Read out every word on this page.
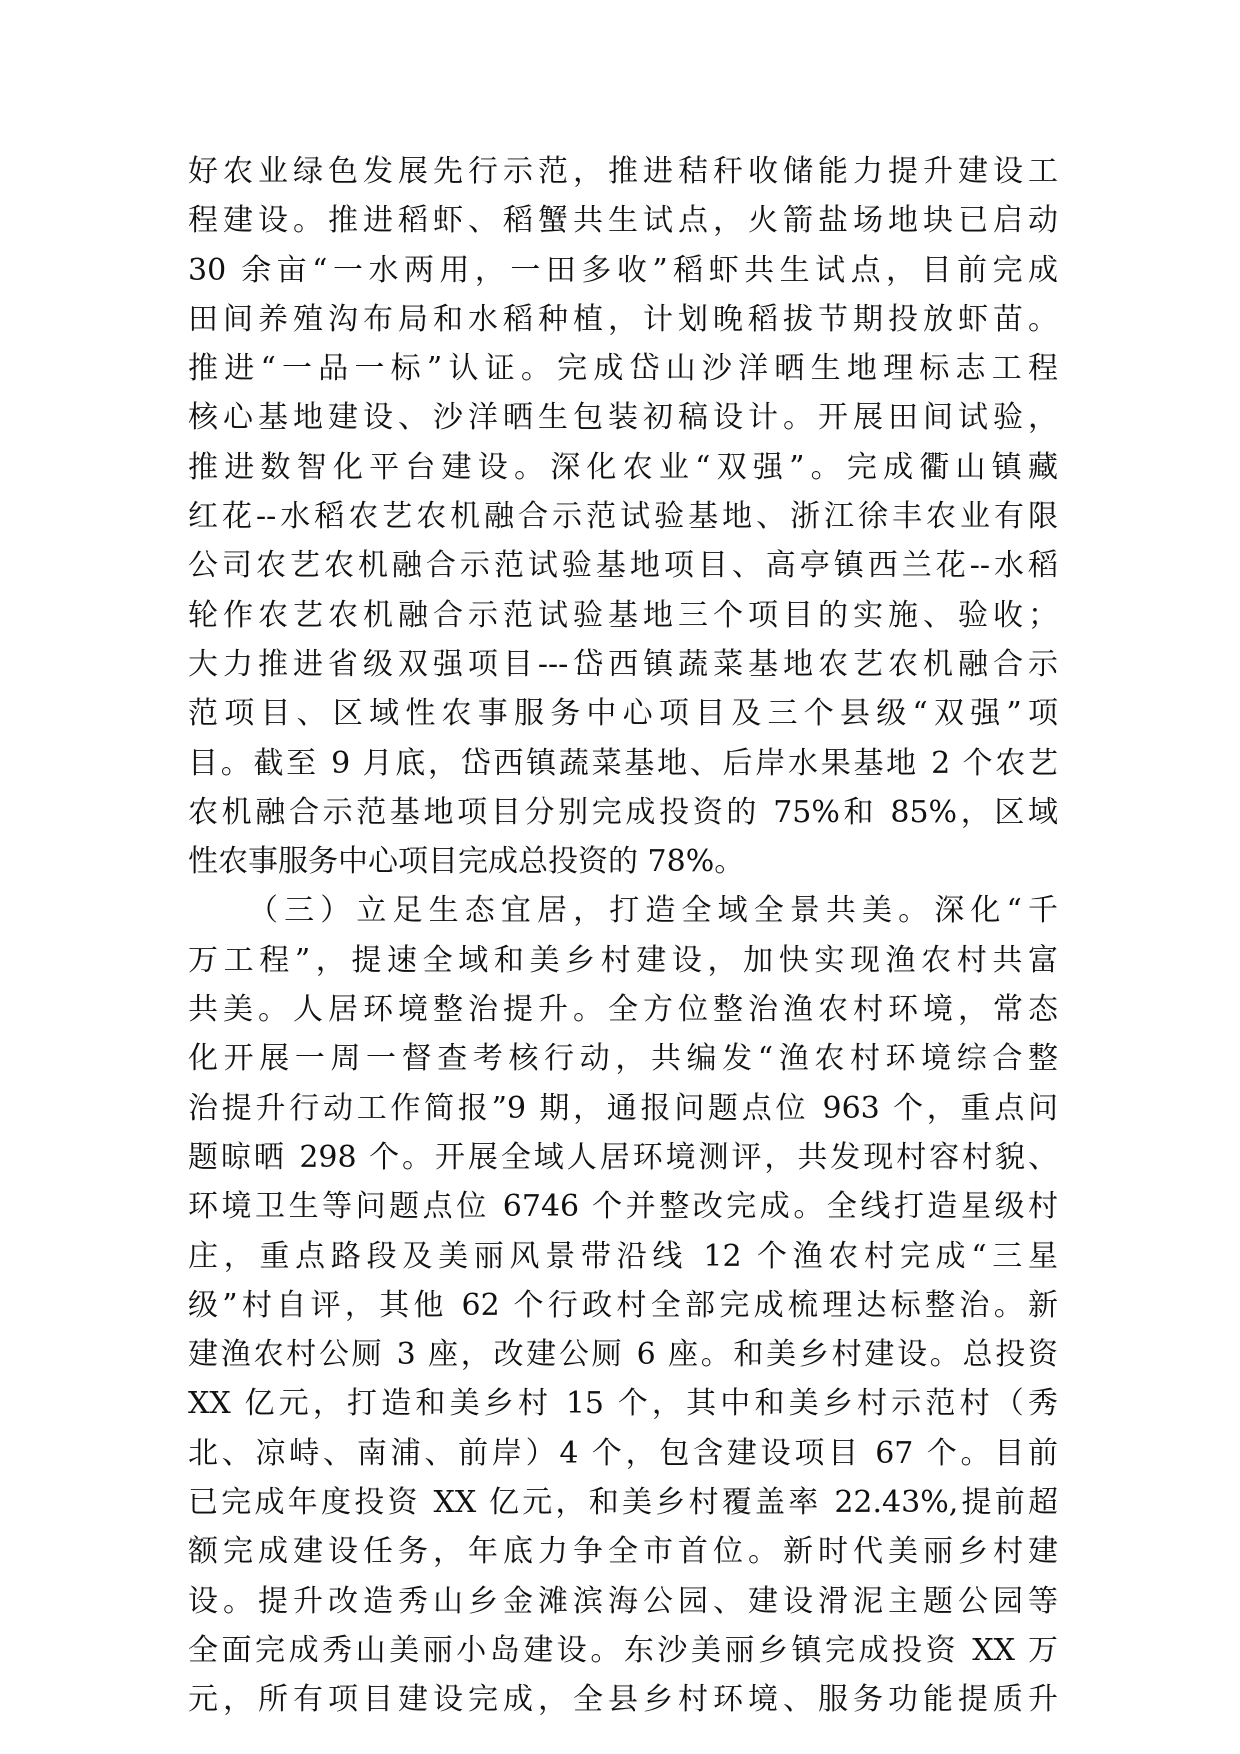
好农业绿色发展先行示范，推进秸秆收储能力提升建设工
程建设。推进稻虾、稻蟹共生试点，火箭盐场地块已启动
30 余亩“一水两用，一田多收”稻虾共生试点，目前完成
田间养殖沟布局和水稻种植，计划晚稻拔节期投放虾苗。
推进“一品一标”认证。完成岱山沙洋晒生地理标志工程
核心基地建设、沙洋晒生包装初稿设计。开展田间试验，
推进数智化平台建设。深化农业“双强”。完成衢山镇藏
红花--水稻农艺农机融合示范试验基地、浙江徐丰农业有限
公司农艺农机融合示范试验基地项目、高亭镇西兰花--水稻
轮作农艺农机融合示范试验基地三个项目的实施、验收；
大力推进省级双强项目---岱西镇蔬菜基地农艺农机融合示
范项目、区域性农事服务中心项目及三个县级“双强”项
目。截至 9 月底，岱西镇蔬菜基地、后岸水果基地 2 个农艺
农机融合示范基地项目分别完成投资的 75%和 85%，区域
性农事服务中心项目完成总投资的 78%。
（三）立足生态宜居，打造全域全景共美。深化“千
万工程”，提速全域和美乡村建设，加快实现渔农村共富
共美。人居环境整治提升。全方位整治渔农村环境，常态
化开展一周一督查考核行动，共编发“渔农村环境综合整
治提升行动工作简报”9 期，通报问题点位 963 个，重点问
题晾晒 298 个。开展全域人居环境测评，共发现村容村貌、
环境卫生等问题点位 6746 个并整改完成。全线打造星级村
庄，重点路段及美丽风景带沿线 12 个渔农村完成“三星
级”村自评，其他 62 个行政村全部完成梳理达标整治。新
建渔农村公厕 3 座，改建公厕 6 座。和美乡村建设。总投资
XX 亿元，打造和美乡村 15 个，其中和美乡村示范村（秀
北、凉峙、南浦、前岸）4 个，包含建设项目 67 个。目前
已完成年度投资 XX 亿元，和美乡村覆盖率 22.43%,提前超
额完成建设任务，年底力争全市首位。新时代美丽乡村建
设。提升改造秀山乡金滩滨海公园、建设滑泥主题公园等
全面完成秀山美丽小岛建设。东沙美丽乡镇完成投资 XX 万
元，所有项目建设完成，全县乡村环境、服务功能提质升
